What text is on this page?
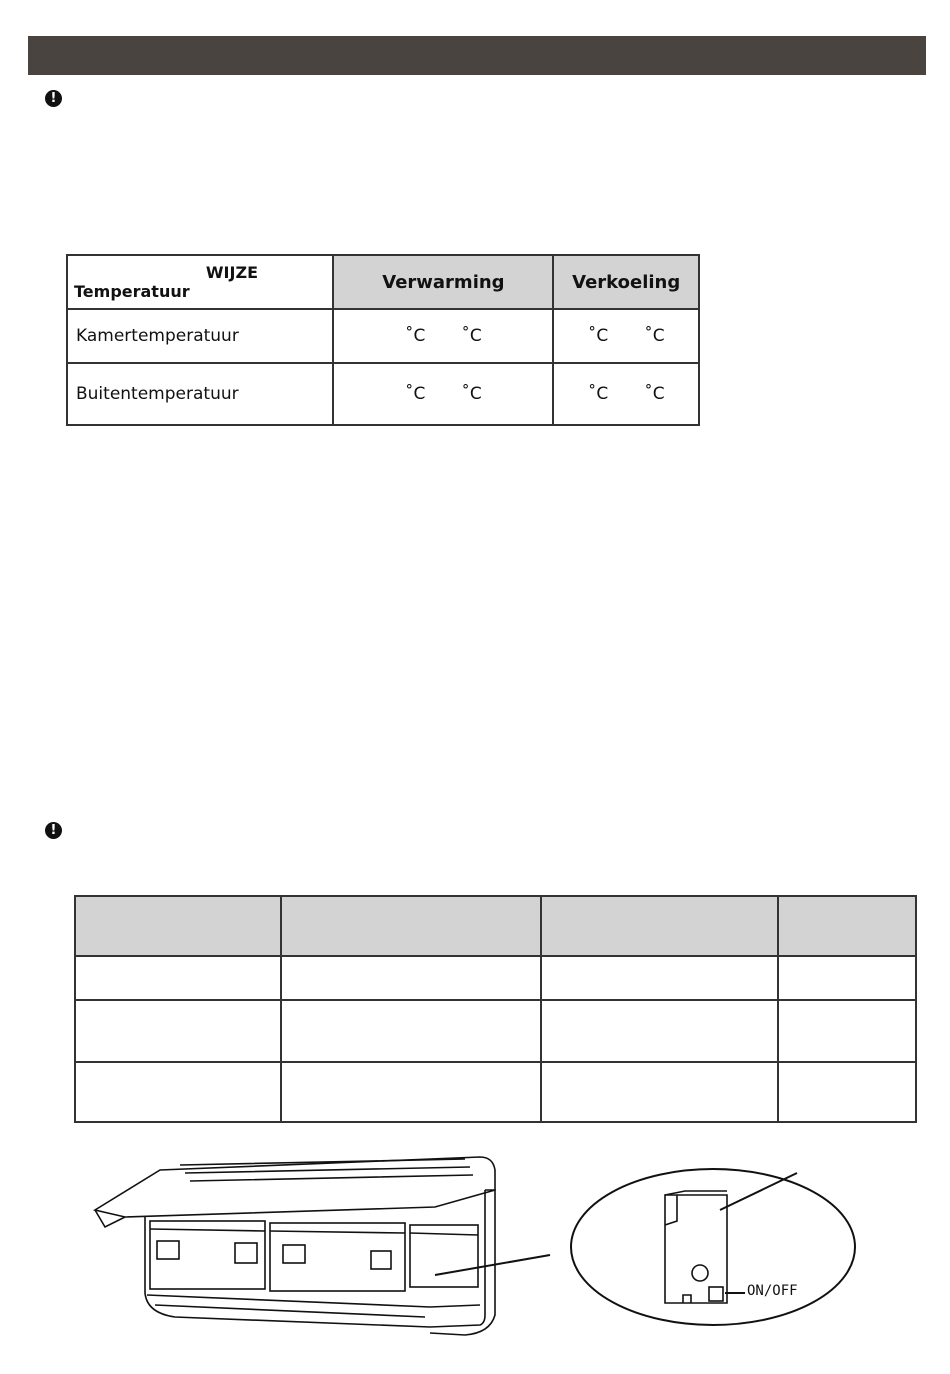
!
WIJZE
Temperatuur	Verwarming	Verkoeling
Kamertemperatuur	˚C ˚C	˚C ˚C
Buitentemperatuur	˚C ˚C	˚C ˚C
!

ON/OFF
